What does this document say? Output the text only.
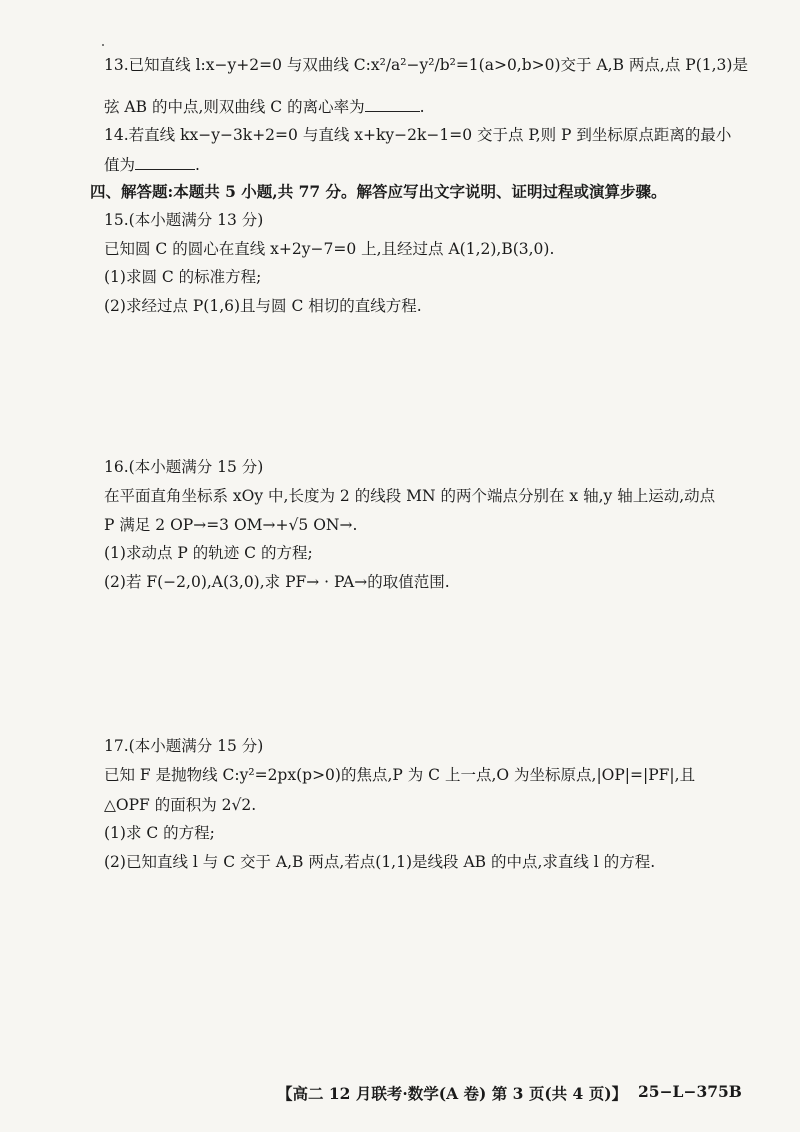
13.已知直线 l:x−y+2=0 与双曲线 C:x²/a²−y²/b²=1(a>0,b>0)交于 A,B 两点,点 P(1,3)是
弦 AB 的中点,则双曲线 C 的离心率为	.
14.若直线 kx−y−3k+2=0 与直线 x+ky−2k−1=0 交于点 P,则 P 到坐标原点距离的最小
值为	.
四、解答题:本题共 5 小题,共 77 分。解答应写出文字说明、证明过程或演算步骤。
15.(本小题满分 13 分)
已知圆 C 的圆心在直线 x+2y−7=0 上,且经过点 A(1,2),B(3,0).
(1)求圆 C 的标准方程;
(2)求经过点 P(1,6)且与圆 C 相切的直线方程.
16.(本小题满分 15 分)
在平面直角坐标系 xOy 中,长度为 2 的线段 MN 的两个端点分别在 x 轴,y 轴上运动,动点
P 满足 2 OP→=3 OM→+√5 ON→.
(1)求动点 P 的轨迹 C 的方程;
(2)若 F(−2,0),A(3,0),求 PF→ · PA→的取值范围.
17.(本小题满分 15 分)
已知 F 是抛物线 C:y²=2px(p>0)的焦点,P 为 C 上一点,O 为坐标原点,|OP|=|PF|,且
△OPF 的面积为 2√2.
(1)求 C 的方程;
(2)已知直线 l 与 C 交于 A,B 两点,若点(1,1)是线段 AB 的中点,求直线 l 的方程.
【高二 12 月联考·数学(A 卷) 第 3 页(共 4 页)】 25−L−375B
